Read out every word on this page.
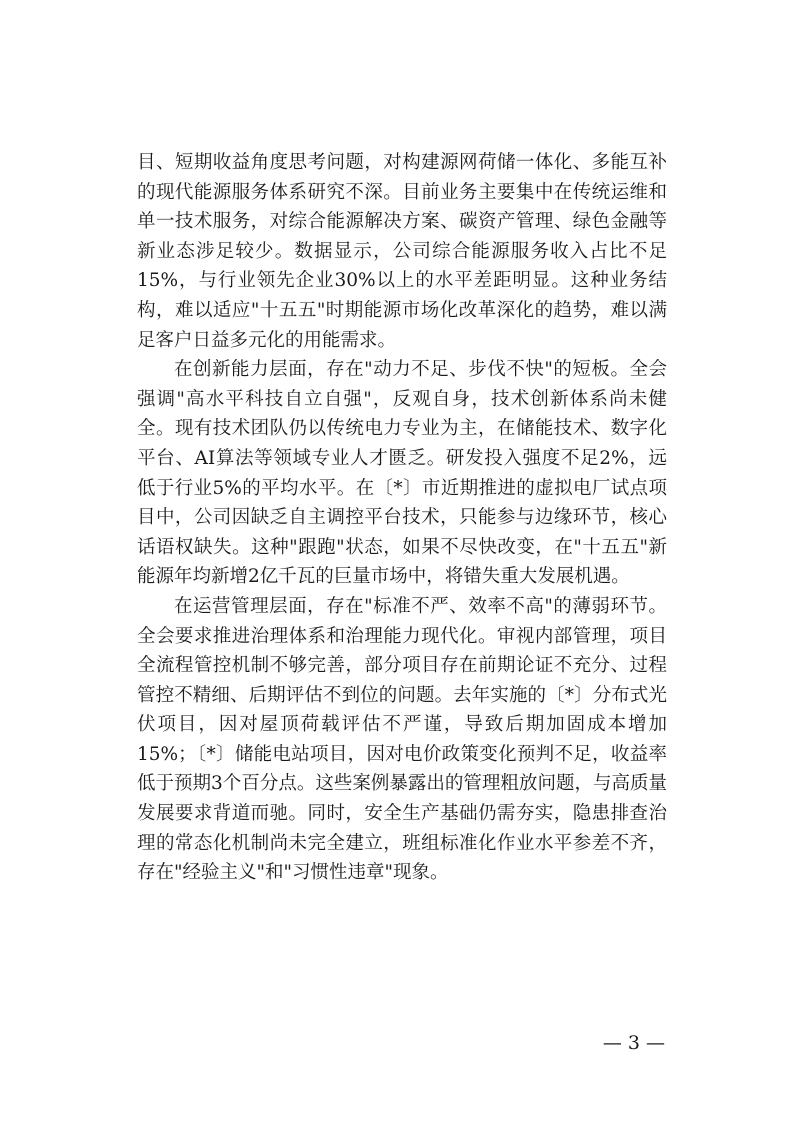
目、短期收益角度思考问题，对构建源网荷储一体化、多能互补的现代能源服务体系研究不深。目前业务主要集中在传统运维和单一技术服务，对综合能源解决方案、碳资产管理、绿色金融等新业态涉足较少。数据显示，公司综合能源服务收入占比不足15%，与行业领先企业30%以上的水平差距明显。这种业务结构，难以适应"十五五"时期能源市场化改革深化的趋势，难以满足客户日益多元化的用能需求。

在创新能力层面，存在"动力不足、步伐不快"的短板。全会强调"高水平科技自立自强"，反观自身，技术创新体系尚未健全。现有技术团队仍以传统电力专业为主，在储能技术、数字化平台、AI算法等领域专业人才匮乏。研发投入强度不足2%，远低于行业5%的平均水平。在〔*〕市近期推进的虚拟电厂试点项目中，公司因缺乏自主调控平台技术，只能参与边缘环节，核心话语权缺失。这种"跟跑"状态，如果不尽快改变，在"十五五"新能源年均新增2亿千瓦的巨量市场中，将错失重大发展机遇。

在运营管理层面，存在"标准不严、效率不高"的薄弱环节。全会要求推进治理体系和治理能力现代化。审视内部管理，项目全流程管控机制不够完善，部分项目存在前期论证不充分、过程管控不精细、后期评估不到位的问题。去年实施的〔*〕分布式光伏项目，因对屋顶荷载评估不严谨，导致后期加固成本增加15%；〔*〕储能电站项目，因对电价政策变化预判不足，收益率低于预期3个百分点。这些案例暴露出的管理粗放问题，与高质量发展要求背道而驰。同时，安全生产基础仍需夯实，隐患排查治理的常态化机制尚未完全建立，班组标准化作业水平参差不齐，存在"经验主义"和"习惯性违章"现象。

— 3 —
